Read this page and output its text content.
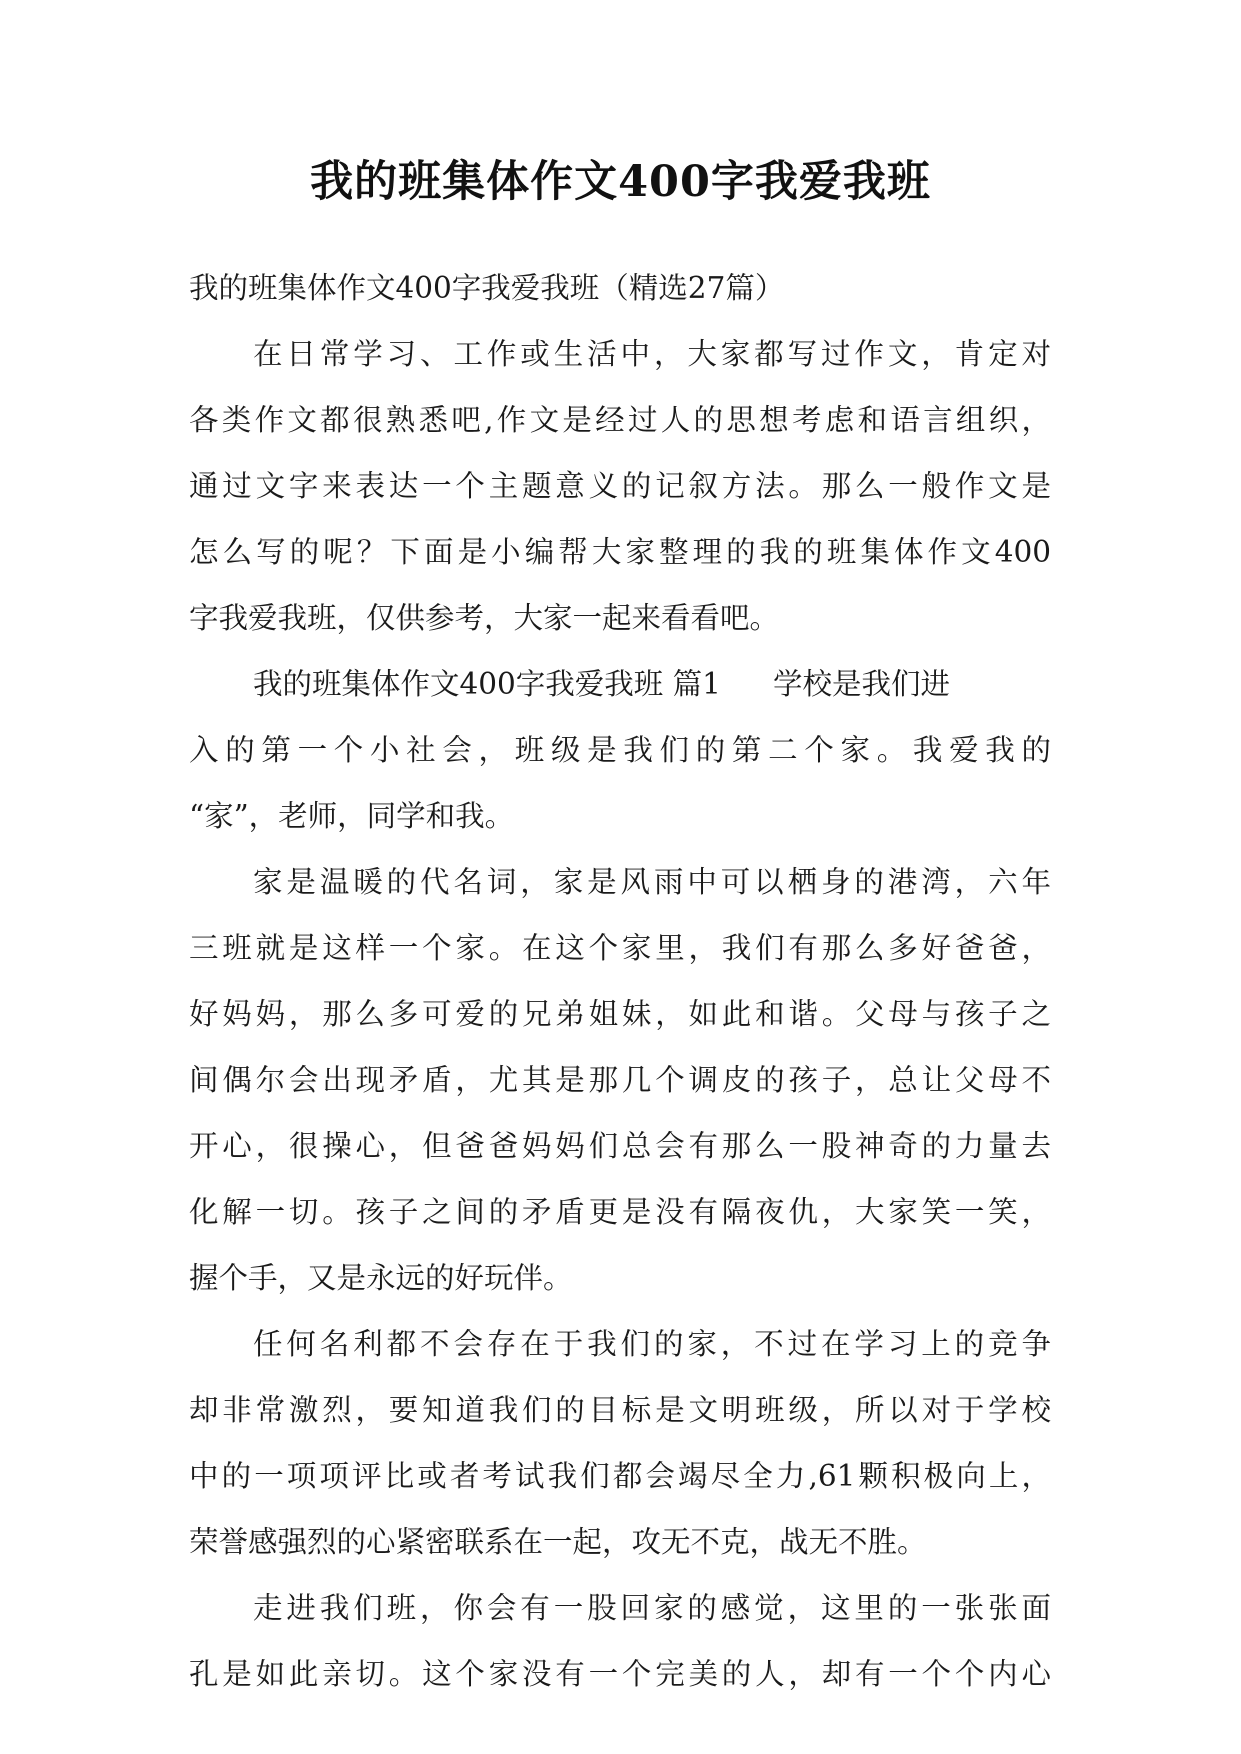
我的班集体作文400字我爱我班
我的班集体作文400字我爱我班（精选27篇）
在日常学习、工作或生活中，大家都写过作文，肯定对
各类作文都很熟悉吧,作文是经过人的思想考虑和语言组织，
通过文字来表达一个主题意义的记叙方法。那么一般作文是
怎么写的呢？下面是小编帮大家整理的我的班集体作文400
字我爱我班，仅供参考，大家一起来看看吧。
我的班集体作文400字我爱我班 篇1 学校是我们进
入的第一个小社会，班级是我们的第二个家。我爱我的
“家”，老师，同学和我。
家是温暖的代名词，家是风雨中可以栖身的港湾，六年
三班就是这样一个家。在这个家里，我们有那么多好爸爸，
好妈妈，那么多可爱的兄弟姐妹，如此和谐。父母与孩子之
间偶尔会出现矛盾，尤其是那几个调皮的孩子，总让父母不
开心，很操心，但爸爸妈妈们总会有那么一股神奇的力量去
化解一切。孩子之间的矛盾更是没有隔夜仇，大家笑一笑，
握个手，又是永远的好玩伴。
任何名利都不会存在于我们的家，不过在学习上的竞争
却非常激烈，要知道我们的目标是文明班级，所以对于学校
中的一项项评比或者考试我们都会竭尽全力,61颗积极向上，
荣誉感强烈的心紧密联系在一起，攻无不克，战无不胜。
走进我们班，你会有一股回家的感觉，这里的一张张面
孔是如此亲切。这个家没有一个完美的人，却有一个个内心
